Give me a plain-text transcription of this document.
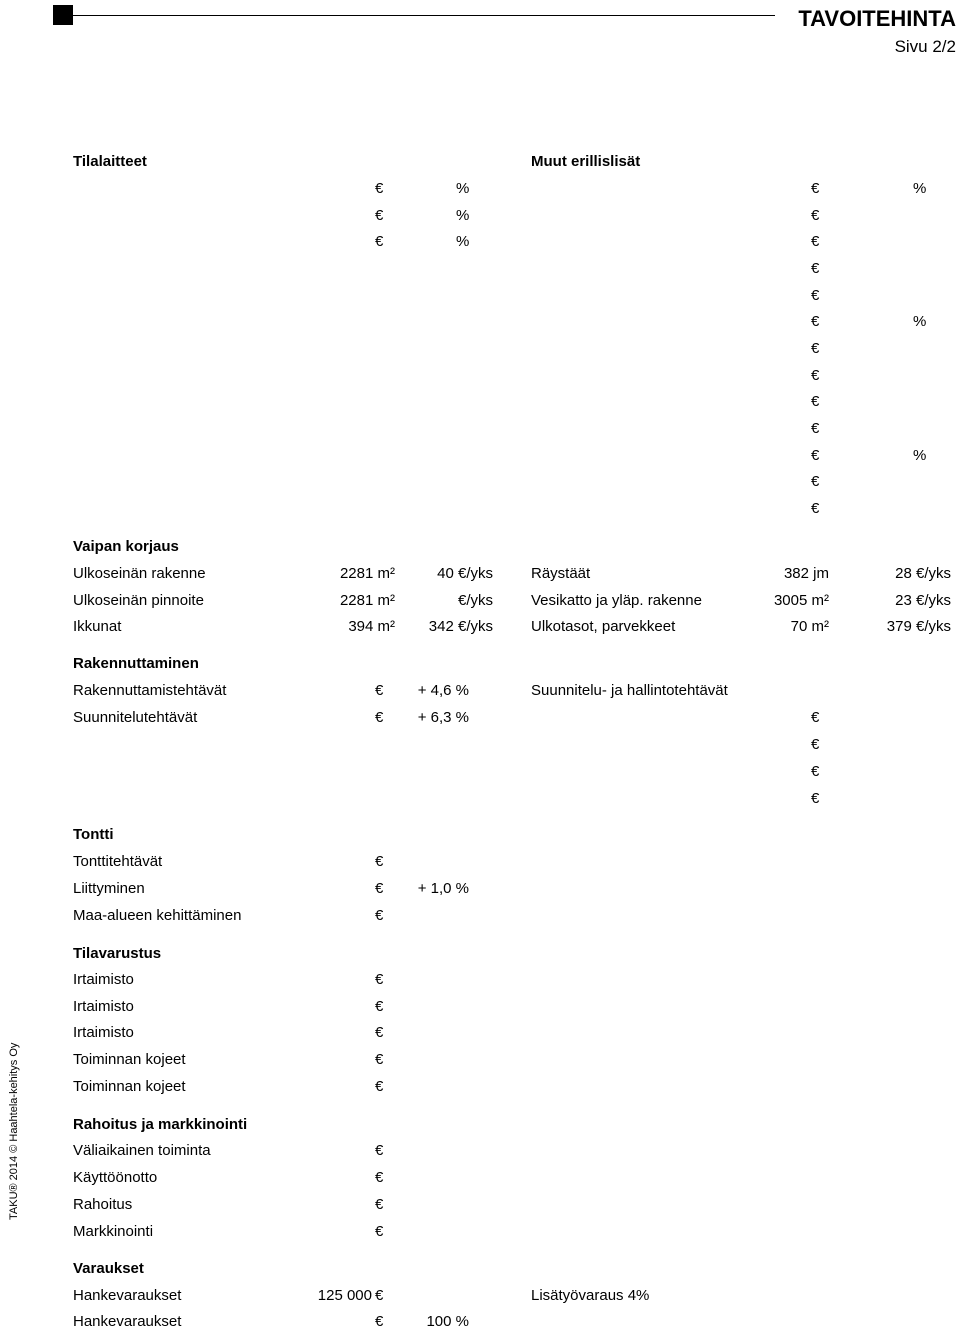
TAVOITEHINTA
Sivu 2/2
TAKU® 2014 © Haahtela-kehitys Oy
Tilalaitteet
€	%
€	%
€	%
Muut erillislisät
€	%
€
€
€
€
€	%
€
€
€
€
€	%
€
€
Vaipan korjaus
Ulkoseinän rakenne	2281 m²	40 €/yks
Ulkoseinän pinnoite	2281 m²	€/yks
Ikkunat	394 m² 342 €/yks
Räystäät	382 jm	28 €/yks
Vesikatto ja yläp. rakenne	3005 m²	23 €/yks
Ulkotasot, parvekkeet	70 m²	379 €/yks
Rakennuttaminen
Rakennuttamistehtävät	€ + 4,6 %
Suunnitelutehtävät	€ + 6,3 %
Suunnitelu- ja hallintotehtävät
€
€
€
€
Tontti
Tonttitehtävät	€
Liittyminen	€ + 1,0 %
Maa-alueen kehittäminen	€
Tilavarustus
Irtaimisto	€
Irtaimisto	€
Irtaimisto	€
Toiminnan kojeet	€
Toiminnan kojeet	€
Rahoitus ja markkinointi
Väliaikainen toiminta	€
Käyttöönotto	€
Rahoitus	€
Markkinointi	€
Varaukset
Hankevaraukset	125 000 €
Hankevaraukset	€	100 %
Lisätyövaraus 4%
